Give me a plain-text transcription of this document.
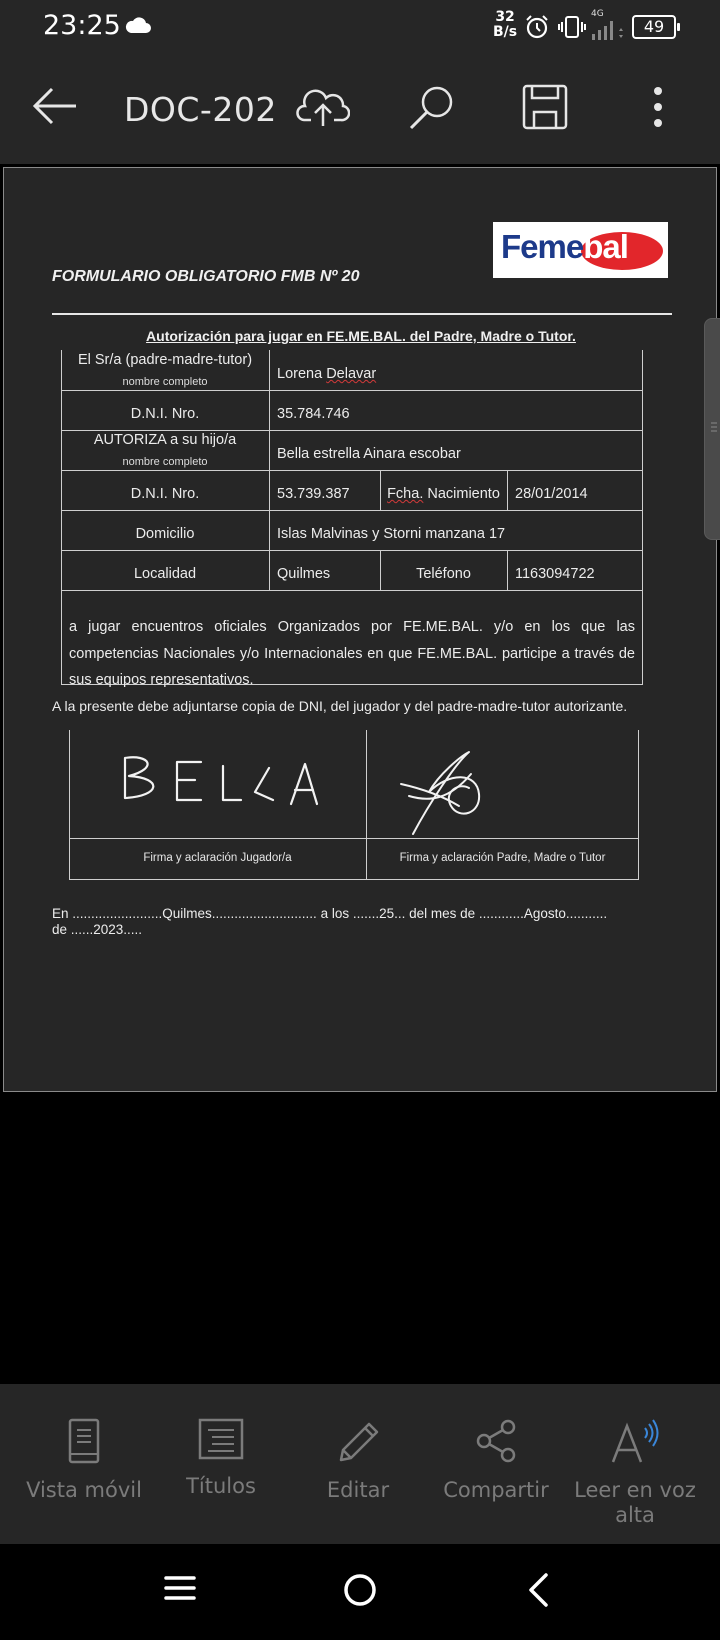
23:25	32
B/s
4G
49
DOC-202
Femebal
FORMULARIO OBLIGATORIO FMB Nº 20
Autorización para jugar en FE.ME.BAL. del Padre, Madre o Tutor.
El Sr/a (padre-madre-tutor)
nombre completo	Lorena Delavar
D.N.I. Nro.	35.784.746
AUTORIZA a su hijo/a
nombre completo	Bella estrella Ainara escobar
D.N.I. Nro.	53.739.387	Fcha. Nacimiento	28/01/2014
Domicilio	Islas Malvinas y Storni manzana 17
Localidad	Quilmes	Teléfono	1163094722
a jugar encuentros oficiales Organizados por FE.ME.BAL. y/o en los que las competencias Nacionales y/o Internacionales en que FE.ME.BAL. participe a través de sus equipos representativos.
A la presente debe adjuntarse copia de DNI, del jugador y del padre-madre-tutor autorizante.
Firma y aclaración Jugador/a	Firma y aclaración Padre, Madre o Tutor
En ........................Quilmes............................ a los .......25... del mes de ............Agosto...........
de ......2023.....
Vista móvil	Títulos	Editar	Compartir	Leer en voz alta
